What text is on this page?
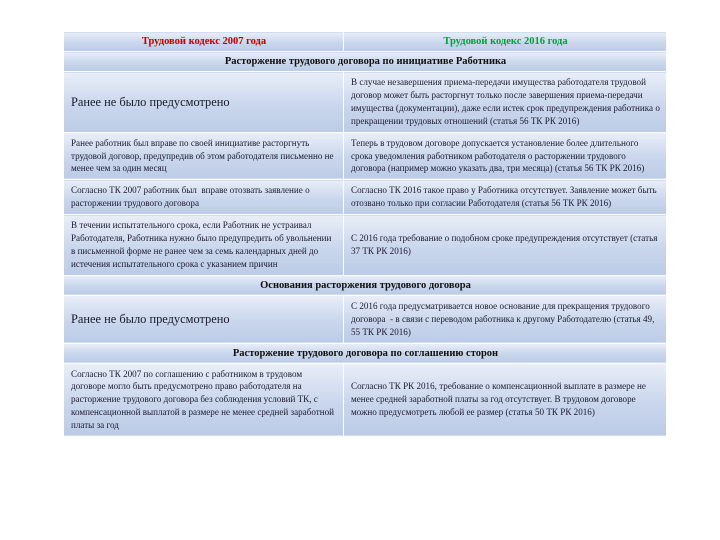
Трудовой кодекс 2007 года	Трудовой кодекс 2016 года

Расторжение трудового договора по инициативе Работника	

Ранее не было предусмотрено	В случае незавершения приема-передачи имущества работодателя трудовой договор может быть расторгнут только после завершения приема-передачи имущества (документации), даже если истек срок предупреждения работника о прекращении трудовых отношений (статья 56 ТК РК 2016)

Ранее работник был вправе по своей инициативе расторгнуть трудовой договор, предупредив об этом работодателя письменно не менее чем за один месяц	Теперь в трудовом договоре допускается установление более длительного срока уведомления работником работодателя о расторжении трудового договора (например можно указать два, три месяца) (статья 56 ТК РК 2016)

Согласно ТК 2007 работник был  вправе отозвать заявление о расторжении трудового договора	Согласно ТК 2016 такое право у Работника отсутствует. Заявление может быть отозвано только при согласии Работодателя (статья 56 ТК РК 2016)

В течении испытательного срока, если Работник не устраивал Работодателя, Работника нужно было предупредить об увольнении в письменной форме не ранее чем за семь календарных дней до истечения испытательного срока с указанием причин	С 2016 года требование о подобном сроке предупреждения отсутствует (статья 37 ТК РК 2016)

Основания расторжения трудового договора	

Ранее не было предусмотрено	С 2016 года предусматривается новое основание для прекращения трудового договора  - в связи с переводом работника к другому Работодателю (статья 49, 55 ТК РК 2016)

Расторжение трудового договора по соглашению сторон	

Согласно ТК 2007 по соглашению с работником в трудовом договоре могло быть предусмотрено право работодателя на расторжение трудового договора без соблюдения условий ТК, с компенсационной выплатой в размере не менее средней заработной платы за год	Согласно ТК РК 2016, требование о компенсационной выплате в размере не менее средней заработной платы за год отсутствует. В трудовом договоре можно предусмотреть любой ее размер (статья 50 ТК РК 2016)
